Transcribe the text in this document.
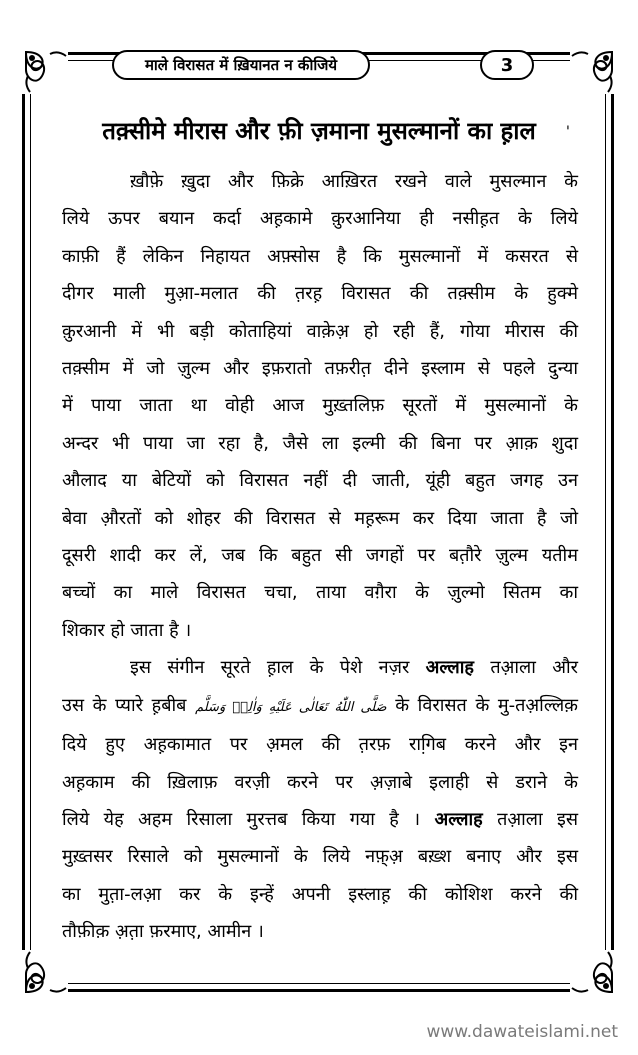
माले विरासत में ख़ियानत न कीजिये	3
तक़्सीमे मीरास और फ़ी ज़माना मुसल्मानों का ह़ाल	'
ख़ौफ़े ख़ुदा और फ़िक्रे आख़िरत रखने वाले मुसल्मान के
लिये ऊपर बयान कर्दा अह़कामे क़ुरआनिया ही नसीह़त के लिये
काफ़ी हैं लेकिन निहायत अफ़्सोस है कि मुसल्मानों में कसरत से
दीगर माली मुआ़-मलात की त़रह़ विरासत की तक़्सीम के हुक्मे
क़ुरआनी में भी बड़ी कोताहियां वाक़ेअ़ हो रही हैं, गोया मीरास की
तक़्सीम में जो ज़ुल्म और इफ़रातो तफ़रीत़ दीने इस्लाम से पहले दुन्या
में पाया जाता था वोही आज मुख़्तलिफ़ सूरतों में मुसल्मानों के
अन्दर भी पाया जा रहा है, जैसे ला इल्मी की बिना पर आ़क़ शुदा
औलाद या बेटियों को विरासत नहीं दी जाती, यूंही बहुत जगह उन
बेवा औ़रतों को शोहर की विरासत से मह़रूम कर दिया जाता है जो
दूसरी शादी कर लें, जब कि बहुत सी जगहों पर बत़ौरे ज़ुल्म यतीम
बच्चों का माले विरासत चचा, ताया वग़ैरा के ज़ुल्मो सितम का
शिकार हो जाता है ।
इस संगीन सूरते ह़ाल के पेशे नज़र अल्लाह तआ़ला और
उस के प्यारे ह़बीब صَلَّى اللّٰهُ تَعَالٰى عَلَيْهِ وَاٰلِهٖ وَسَلَّم के विरासत के मु-तअ़ल्लिक़
दिये हुए अह़कामात पर अ़मल की त़रफ़ रागि़ब करने और इन
अह़काम की ख़िलाफ़ वरज़ी करने पर अ़ज़ाबे इलाही से डराने के
लिये येह अहम रिसाला मुरत्तब किया गया है । अल्लाह तआ़ला इस
मुख़्तसर रिसाले को मुसल्मानों के लिये नफ़्अ़ बख़्श बनाए और इस
का मुत़ा-लआ़ कर के इन्हें अपनी इस्लाह़ की कोशिश करने की
तौफ़ीक़ अ़त़ा फ़रमाए, आमीन ।
www.dawateislami.net
